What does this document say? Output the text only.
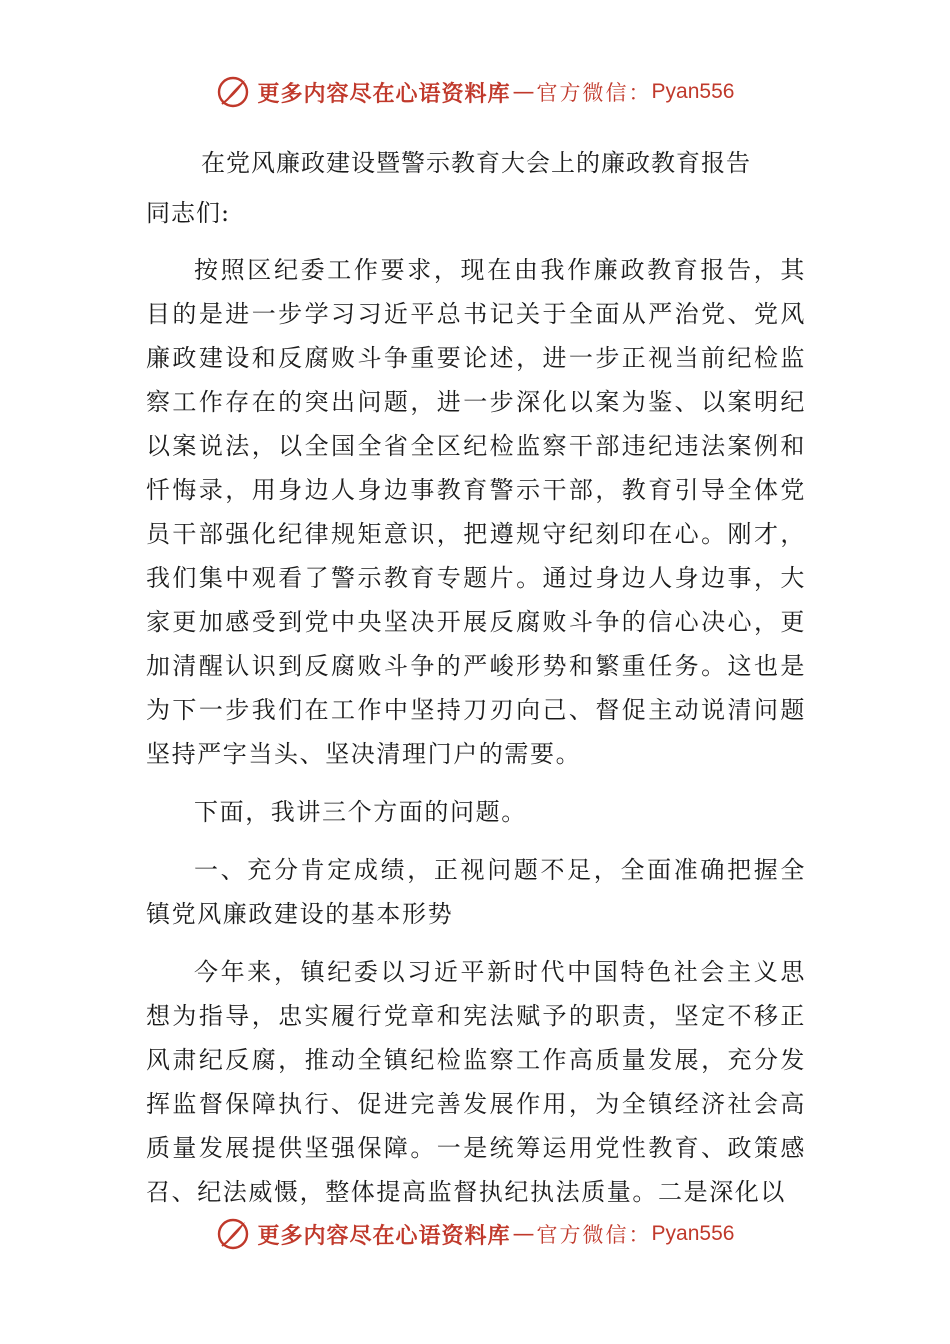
更多内容尽在心语资料库 — 官方微信： Pyan556
在党风廉政建设暨警示教育大会上的廉政教育报告

同志们:

按照区纪委工作要求，现在由我作廉政教育报告，其目的是进一步学习习近平总书记关于全面从严治党、党风廉政建设和反腐败斗争重要论述，进一步正视当前纪检监察工作存在的突出问题，进一步深化以案为鉴、以案明纪以案说法，以全国全省全区纪检监察干部违纪违法案例和忏悔录，用身边人身边事教育警示干部，教育引导全体党员干部强化纪律规矩意识，把遵规守纪刻印在心。刚才，我们集中观看了警示教育专题片。通过身边人身边事，大家更加感受到党中央坚决开展反腐败斗争的信心决心，更加清醒认识到反腐败斗争的严峻形势和繁重任务。这也是为下一步我们在工作中坚持刀刃向己、督促主动说清问题坚持严字当头、坚决清理门户的需要。

下面，我讲三个方面的问题。

一、充分肯定成绩，正视问题不足，全面准确把握全镇党风廉政建设的基本形势

今年来，镇纪委以习近平新时代中国特色社会主义思想为指导，忠实履行党章和宪法赋予的职责，坚定不移正风肃纪反腐，推动全镇纪检监察工作高质量发展，充分发挥监督保障执行、促进完善发展作用，为全镇经济社会高质量发展提供坚强保障。一是统筹运用党性教育、政策感召、纪法威慑，整体提高监督执纪执法质量。二是深化以

更多内容尽在心语资料库 — 官方微信： Pyan556
